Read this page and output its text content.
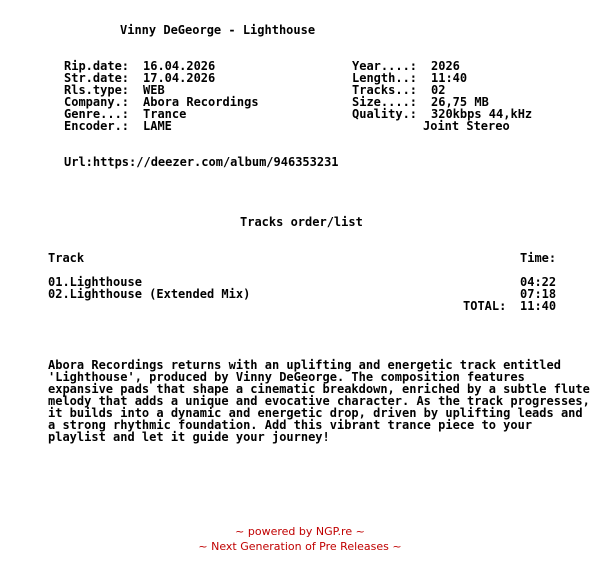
Vinny DeGeorge - Lighthouse
Rip.date: 16.04.2026
Str.date: 17.04.2026
Rls.type: WEB
Company.: Abora Recordings
Genre...: Trance
Encoder.: LAME
Year....: 2026
Length..: 11:40
Tracks..: 02
Size....: 26,75 MB
Quality.: 320kbps 44,kHz
Joint Stereo
Url:https://deezer.com/album/946353231
Tracks order/list
Track	Time:
01.Lighthouse	04:22
02.Lighthouse (Extended Mix)	07:18
TOTAL: 11:40
Abora Recordings returns with an uplifting and energetic track entitled 'Lighthouse', produced by Vinny DeGeorge. The composition features expansive pads that shape a cinematic breakdown, enriched by a subtle flute melody that adds a unique and evocative character. As the track progresses, it builds into a dynamic and energetic drop, driven by uplifting leads and a strong rhythmic foundation. Add this vibrant trance piece to your playlist and let it guide your journey!
~ powered by NGP.re ~
~ Next Generation of Pre Releases ~
